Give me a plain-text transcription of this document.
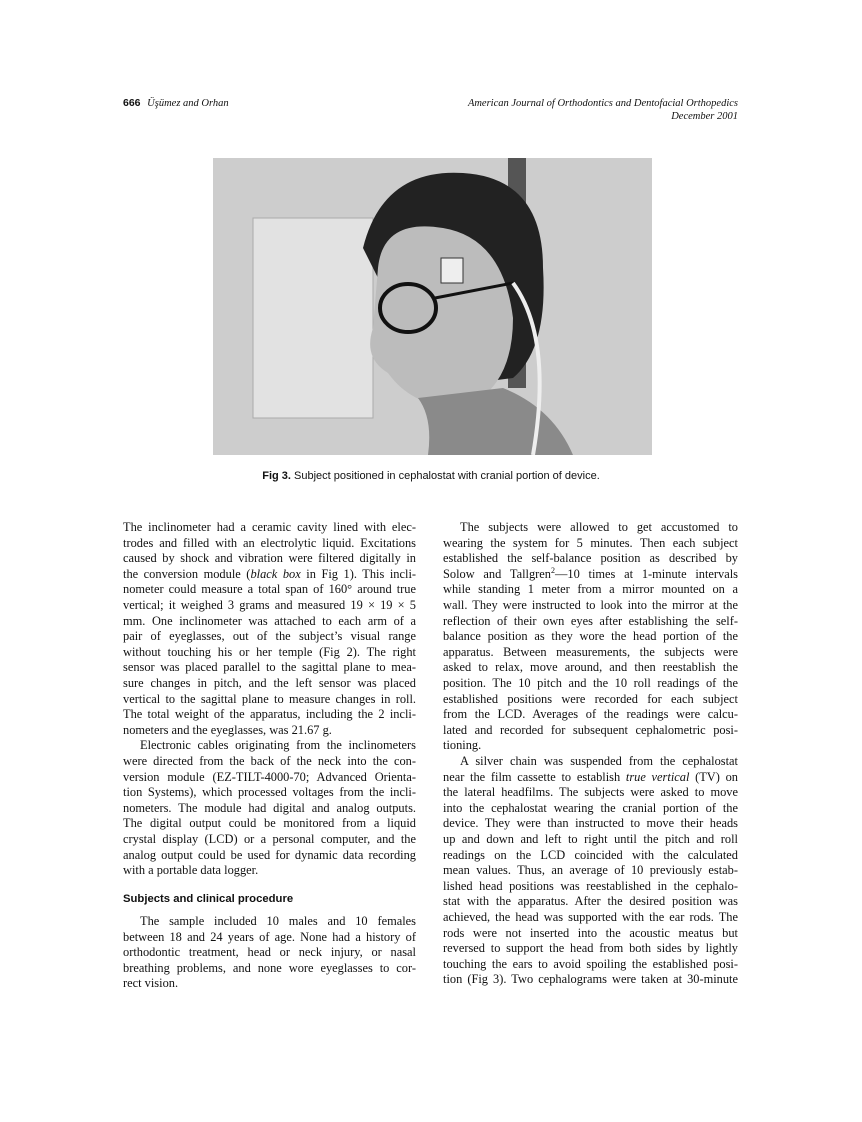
666 Üşümez and Orhan	American Journal of Orthodontics and Dentofacial Orthopedics
December 2001
Fig 3. Subject positioned in cephalostat with cranial portion of device.
The inclinometer had a ceramic cavity lined with elec-
trodes and filled with an electrolytic liquid. Excitations
caused by shock and vibration were filtered digitally in
the conversion module (black box in Fig 1). This incli-
nometer could measure a total span of 160° around true
vertical; it weighed 3 grams and measured 19 × 19 × 5
mm. One inclinometer was attached to each arm of a
pair of eyeglasses, out of the subject’s visual range
without touching his or her temple (Fig 2). The right
sensor was placed parallel to the sagittal plane to mea-
sure changes in pitch, and the left sensor was placed
vertical to the sagittal plane to measure changes in roll.
The total weight of the apparatus, including the 2 incli-
nometers and the eyeglasses, was 21.67 g.
Electronic cables originating from the inclinometers
were directed from the back of the neck into the con-
version module (EZ-TILT-4000-70; Advanced Orienta-
tion Systems), which processed voltages from the incli-
nometers. The module had digital and analog outputs.
The digital output could be monitored from a liquid
crystal display (LCD) or a personal computer, and the
analog output could be used for dynamic data recording
with a portable data logger.
Subjects and clinical procedure
The sample included 10 males and 10 females
between 18 and 24 years of age. None had a history of
orthodontic treatment, head or neck injury, or nasal
breathing problems, and none wore eyeglasses to cor-
rect vision.
The subjects were allowed to get accustomed to
wearing the system for 5 minutes. Then each subject
established the self-balance position as described by
Solow and Tallgren$^2$—10 times at 1-minute intervals
while standing 1 meter from a mirror mounted on a
wall. They were instructed to look into the mirror at the
reflection of their own eyes after establishing the self-
balance position as they wore the head portion of the
apparatus. Between measurements, the subjects were
asked to relax, move around, and then reestablish the
position. The 10 pitch and the 10 roll readings of the
established positions were recorded for each subject
from the LCD. Averages of the readings were calcu-
lated and recorded for subsequent cephalometric posi-
tioning.
A silver chain was suspended from the cephalostat
near the film cassette to establish true vertical (TV) on
the lateral headfilms. The subjects were asked to move
into the cephalostat wearing the cranial portion of the
device. They were than instructed to move their heads
up and down and left to right until the pitch and roll
readings on the LCD coincided with the calculated
mean values. Thus, an average of 10 previously estab-
lished head positions was reestablished in the cephalo-
stat with the apparatus. After the desired position was
achieved, the head was supported with the ear rods. The
rods were not inserted into the acoustic meatus but
reversed to support the head from both sides by lightly
touching the ears to avoid spoiling the established posi-
tion (Fig 3). Two cephalograms were taken at 30-minute
